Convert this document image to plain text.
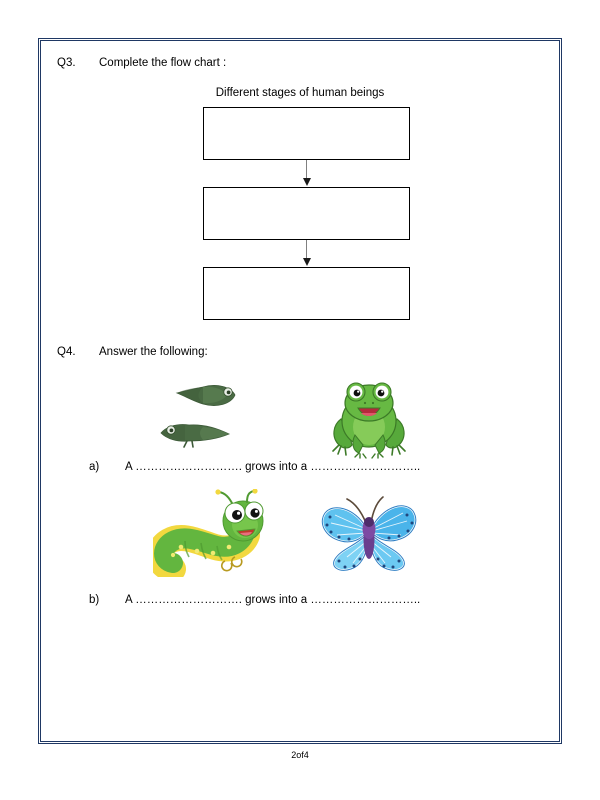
Q3.	Complete the flow chart :
Different stages of human beings
Q4.	Answer the following:
a)	A ………………………. grows into a ………………………..
b)	A ………………………. grows into a ………………………..
2of4
